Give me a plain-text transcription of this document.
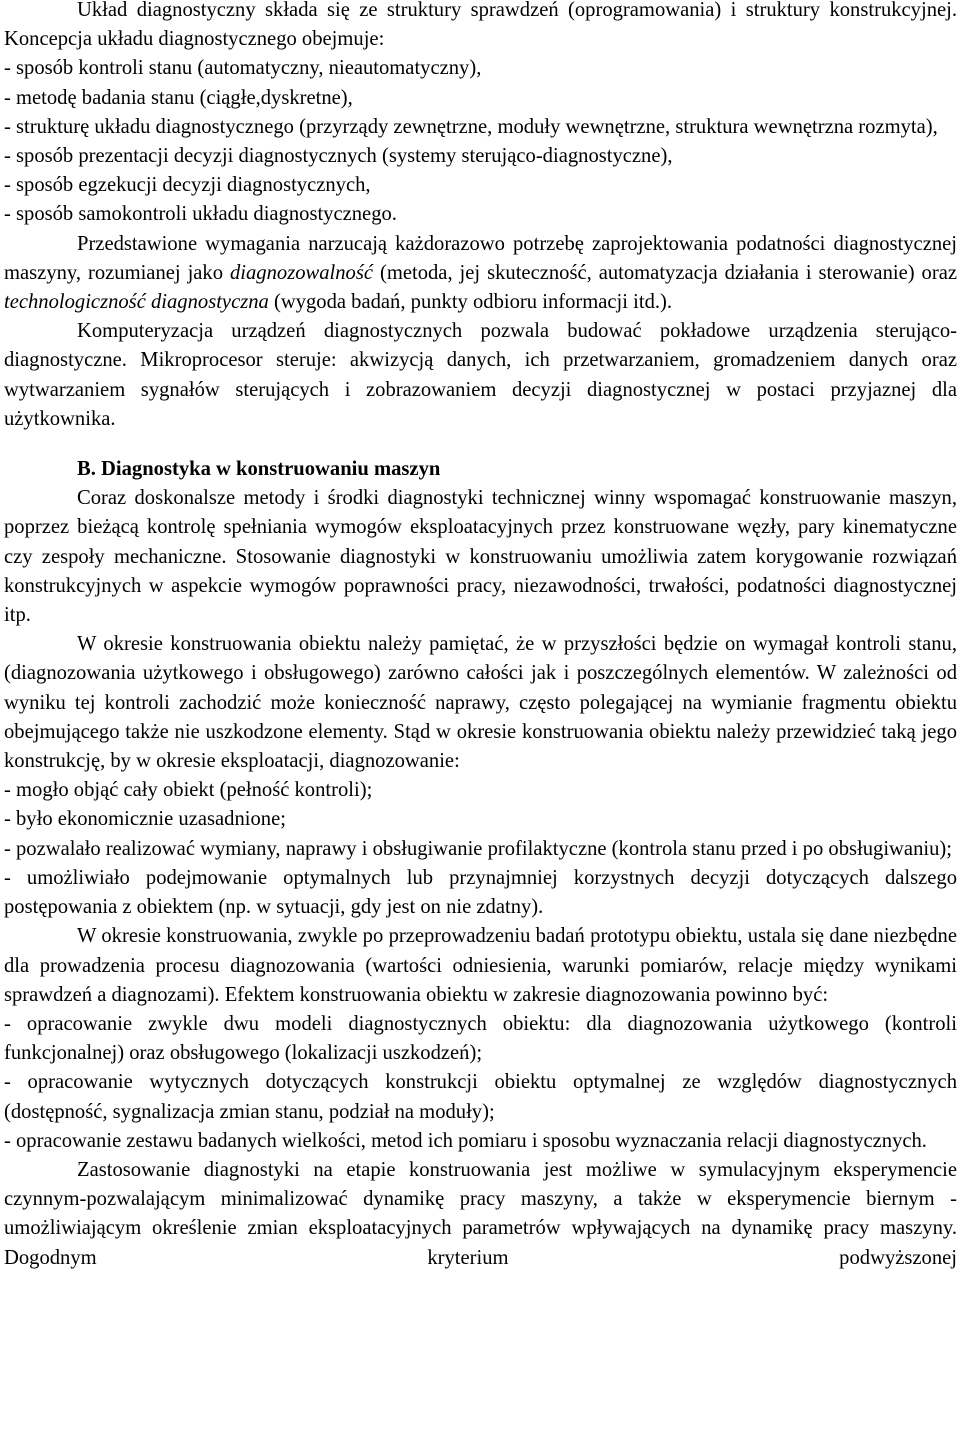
Układ diagnostyczny składa się ze struktury sprawdzeń (oprogramowania) i struktury konstrukcyjnej. Koncepcja układu diagnostycznego obejmuje:

- sposób kontroli stanu (automatyczny, nieautomatyczny),

- metodę badania stanu (ciągłe,dyskretne),

- strukturę układu diagnostycznego (przyrządy zewnętrzne, moduły wewnętrzne, struktura wewnętrzna rozmyta),

- sposób prezentacji decyzji diagnostycznych (systemy sterująco-diagnostyczne),

- sposób egzekucji decyzji diagnostycznych,

- sposób samokontroli układu diagnostycznego.

Przedstawione wymagania narzucają każdorazowo potrzebę zaprojektowania podatności diagnostycznej maszyny, rozumianej jako diagnozowalność (metoda, jej skuteczność, automatyzacja działania i sterowanie) oraz technologiczność diagnostyczna (wygoda badań, punkty odbioru informacji itd.).

Komputeryzacja urządzeń diagnostycznych pozwala budować pokładowe urządzenia sterująco-diagnostyczne. Mikroprocesor steruje: akwizycją danych, ich przetwarzaniem, gromadzeniem danych oraz wytwarzaniem sygnałów sterujących i zobrazowaniem decyzji diagnostycznej w postaci przyjaznej dla użytkownika.

B. Diagnostyka w konstruowaniu maszyn

Coraz doskonalsze metody i środki diagnostyki technicznej winny wspomagać konstruowanie maszyn, poprzez bieżącą kontrolę spełniania wymogów eksploatacyjnych przez konstruowane węzły, pary kinematyczne czy zespoły mechaniczne. Stosowanie diagnostyki w konstruowaniu umożliwia zatem korygowanie rozwiązań konstrukcyjnych w aspekcie wymogów poprawności pracy, niezawodności, trwałości, podatności diagnostycznej itp.

W okresie konstruowania obiektu należy pamiętać, że w przyszłości będzie on wymagał kontroli stanu, (diagnozowania użytkowego i obsługowego) zarówno całości jak i poszczególnych elementów. W zależności od wyniku tej kontroli zachodzić może konieczność naprawy, często polegającej na wymianie fragmentu obiektu obejmującego także nie uszkodzone elementy. Stąd w okresie konstruowania obiektu należy przewidzieć taką jego konstrukcję, by w okresie eksploatacji, diagnozowanie:

- mogło objąć cały obiekt (pełność kontroli);

- było ekonomicznie uzasadnione;

- pozwalało realizować wymiany, naprawy i obsługiwanie profilaktyczne (kontrola stanu przed i po obsługiwaniu);

- umożliwiało podejmowanie optymalnych lub przynajmniej korzystnych decyzji dotyczących dalszego postępowania z obiektem (np. w sytuacji, gdy jest on nie zdatny).

W okresie konstruowania, zwykle po przeprowadzeniu badań prototypu obiektu, ustala się dane niezbędne dla prowadzenia procesu diagnozowania (wartości odniesienia, warunki pomiarów, relacje między wynikami sprawdzeń a diagnozami). Efektem konstruowania obiektu w zakresie diagnozowania powinno być:

- opracowanie zwykle dwu modeli diagnostycznych obiektu: dla diagnozowania użytkowego (kontroli funkcjonalnej) oraz obsługowego (lokalizacji uszkodzeń);

- opracowanie wytycznych dotyczących konstrukcji obiektu optymalnej ze względów diagnostycznych (dostępność, sygnalizacja zmian stanu, podział na moduły);

- opracowanie zestawu badanych wielkości, metod ich pomiaru i sposobu wyznaczania relacji diagnostycznych.

Zastosowanie diagnostyki na etapie konstruowania jest możliwe w symulacyjnym eksperymencie czynnym-pozwalającym minimalizować dynamikę pracy maszyny, a także w eksperymencie biernym - umożliwiającym określenie zmian eksploatacyjnych parametrów wpływających na dynamikę pracy maszyny. Dogodnym kryterium podwyższonej
